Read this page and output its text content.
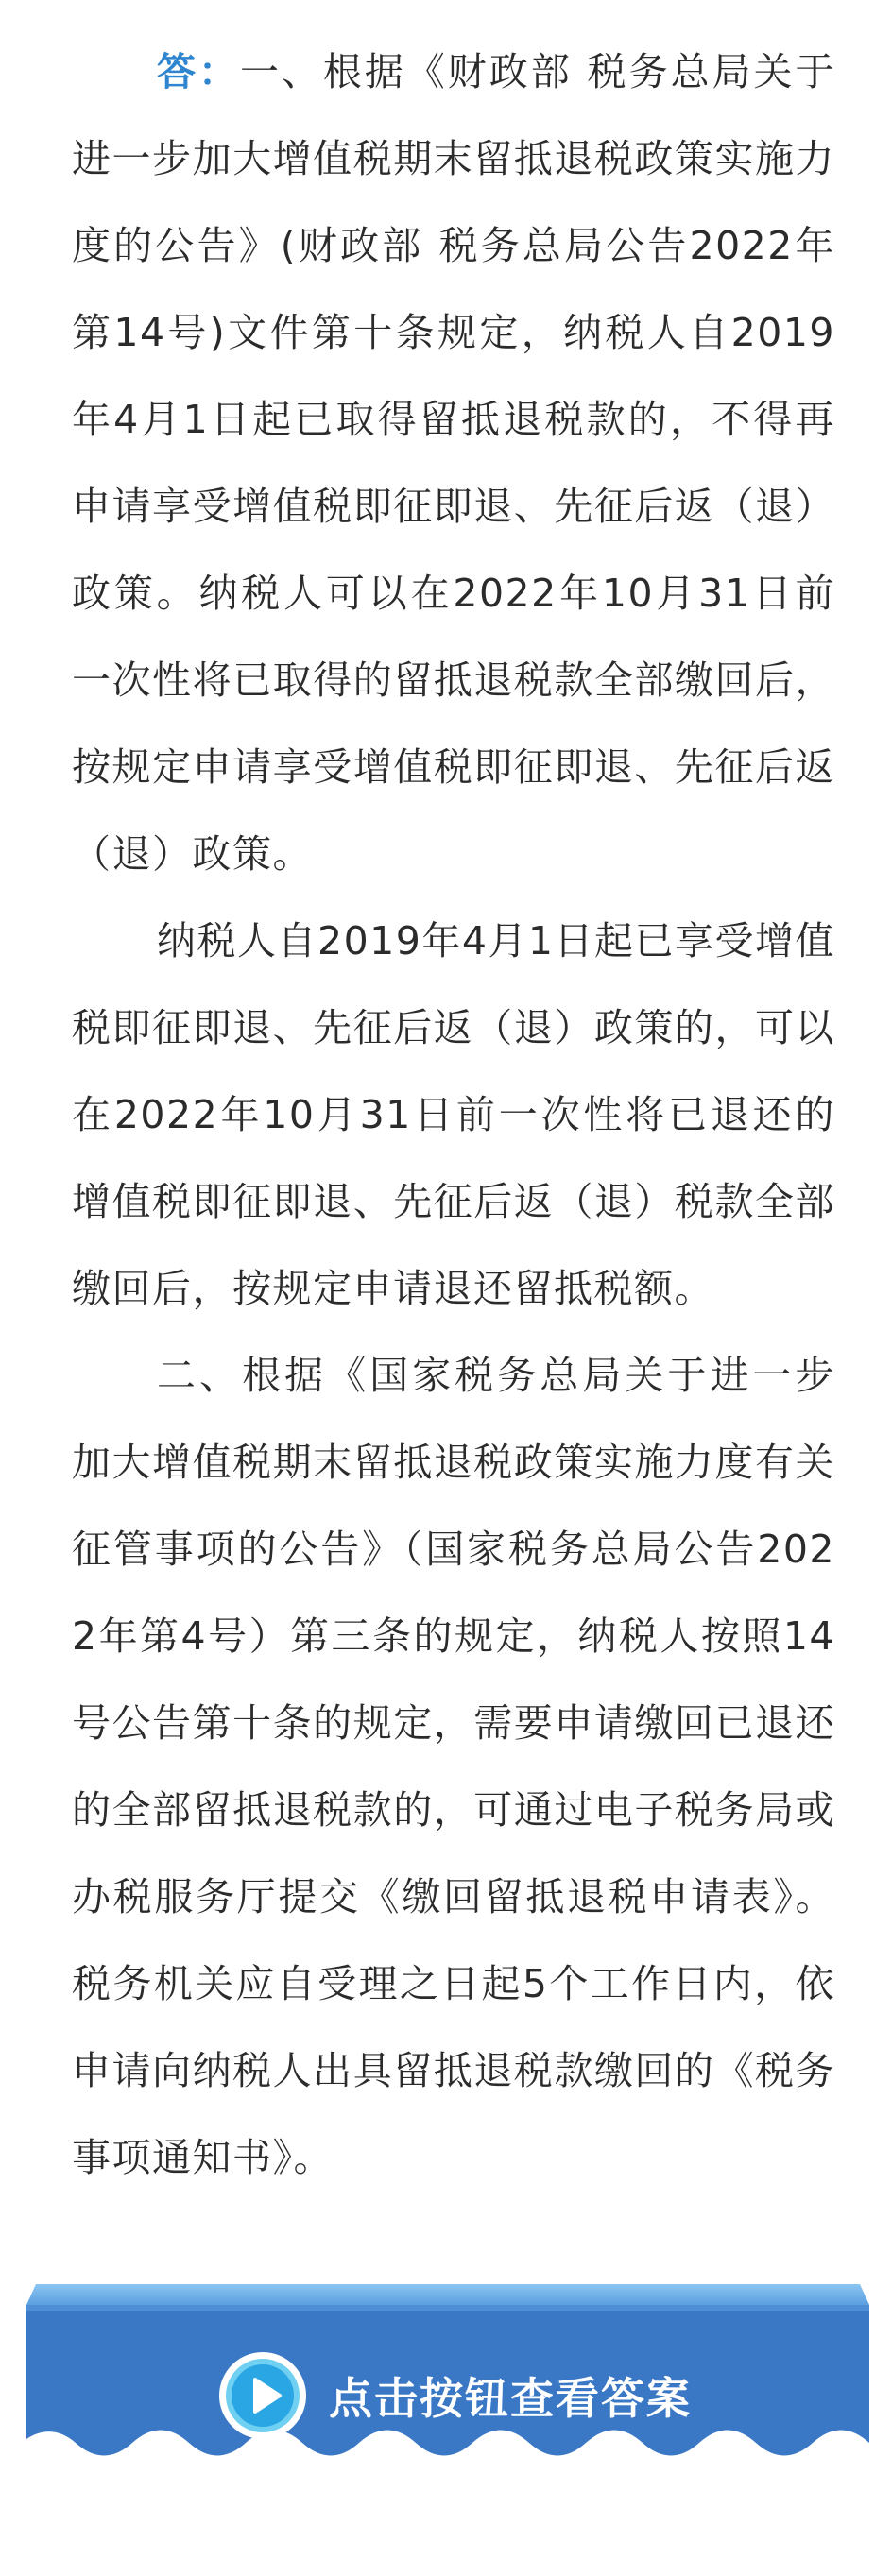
答：一、根据《财政部 税务总局关于进一步加大增值税期末留抵退税政策实施力度的公告》(财政部 税务总局公告2022年第14号)文件第十条规定，纳税人自2019年4月1日起已取得留抵退税款的，不得再申请享受增值税即征即退、先征后返（退）政策。纳税人可以在2022年10月31日前一次性将已取得的留抵退税款全部缴回后，按规定申请享受增值税即征即退、先征后返（退）政策。

纳税人自2019年4月1日起已享受增值税即征即退、先征后返（退）政策的，可以在2022年10月31日前一次性将已退还的增值税即征即退、先征后返（退）税款全部缴回后，按规定申请退还留抵税额。

二、根据《国家税务总局关于进一步加大增值税期末留抵退税政策实施力度有关征管事项的公告》（国家税务总局公告2022年第4号）第三条的规定，纳税人按照14号公告第十条的规定，需要申请缴回已退还的全部留抵退税款的，可通过电子税务局或办税服务厅提交《缴回留抵退税申请表》。税务机关应自受理之日起5个工作日内，依申请向纳税人出具留抵退税款缴回的《税务事项通知书》。

点击按钮查看答案
